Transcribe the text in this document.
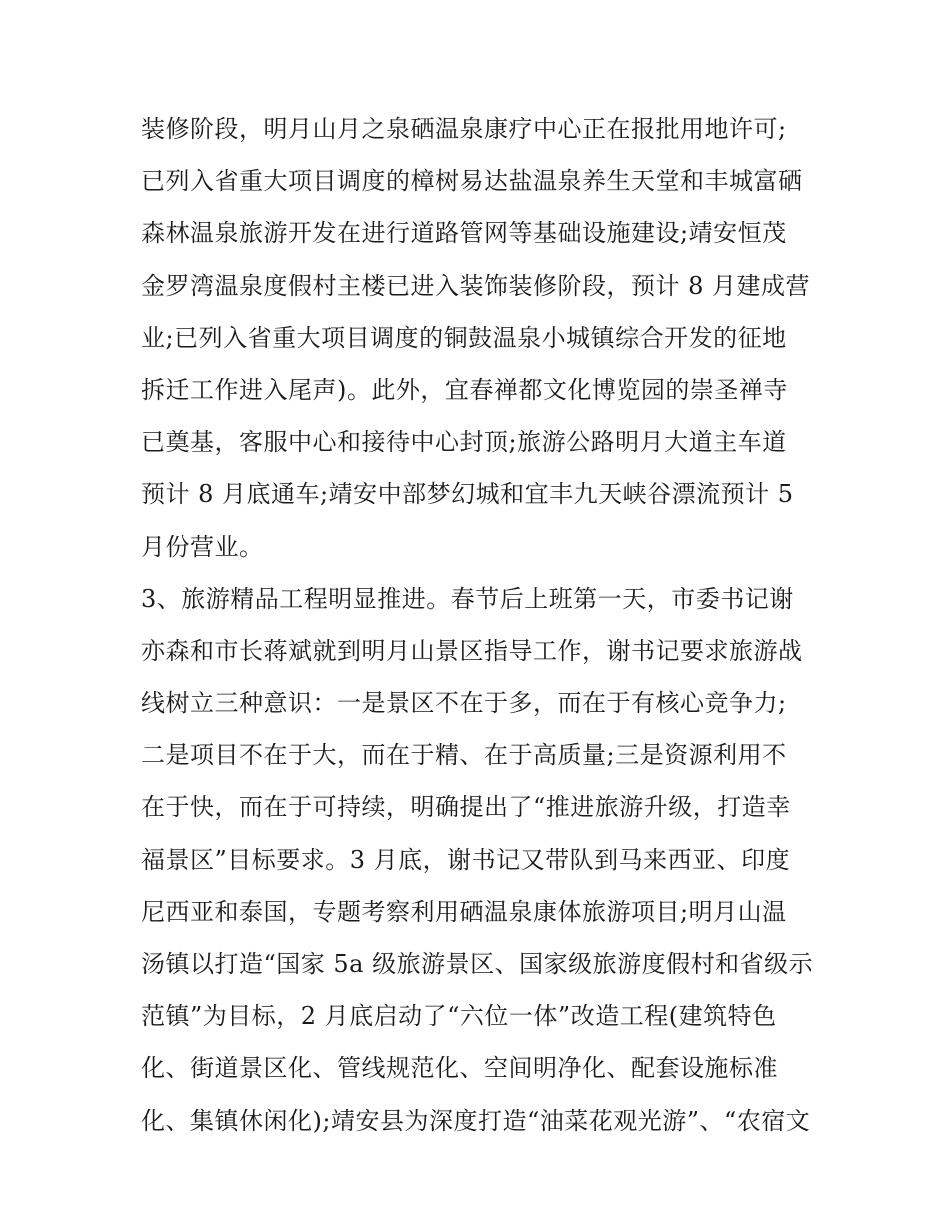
装修阶段，明月山月之泉硒温泉康疗中心正在报批用地许可;
已列入省重大项目调度的樟树易达盐温泉养生天堂和丰城富硒
森林温泉旅游开发在进行道路管网等基础设施建设;靖安恒茂
金罗湾温泉度假村主楼已进入装饰装修阶段，预计 8 月建成营
业;已列入省重大项目调度的铜鼓温泉小城镇综合开发的征地
拆迁工作进入尾声)。此外，宜春禅都文化博览园的崇圣禅寺
已奠基，客服中心和接待中心封顶;旅游公路明月大道主车道
预计 8 月底通车;靖安中部梦幻城和宜丰九天峡谷漂流预计 5
月份营业。
3、旅游精品工程明显推进。春节后上班第一天，市委书记谢
亦森和市长蒋斌就到明月山景区指导工作，谢书记要求旅游战
线树立三种意识：一是景区不在于多，而在于有核心竞争力;
二是项目不在于大，而在于精、在于高质量;三是资源利用不
在于快，而在于可持续，明确提出了“推进旅游升级，打造幸
福景区”目标要求。3 月底，谢书记又带队到马来西亚、印度
尼西亚和泰国，专题考察利用硒温泉康体旅游项目;明月山温
汤镇以打造“国家 5a 级旅游景区、国家级旅游度假村和省级示
范镇”为目标，2 月底启动了“六位一体”改造工程(建筑特色
化、街道景区化、管线规范化、空间明净化、配套设施标准
化、集镇休闲化);靖安县为深度打造“油菜花观光游”、“农宿文
